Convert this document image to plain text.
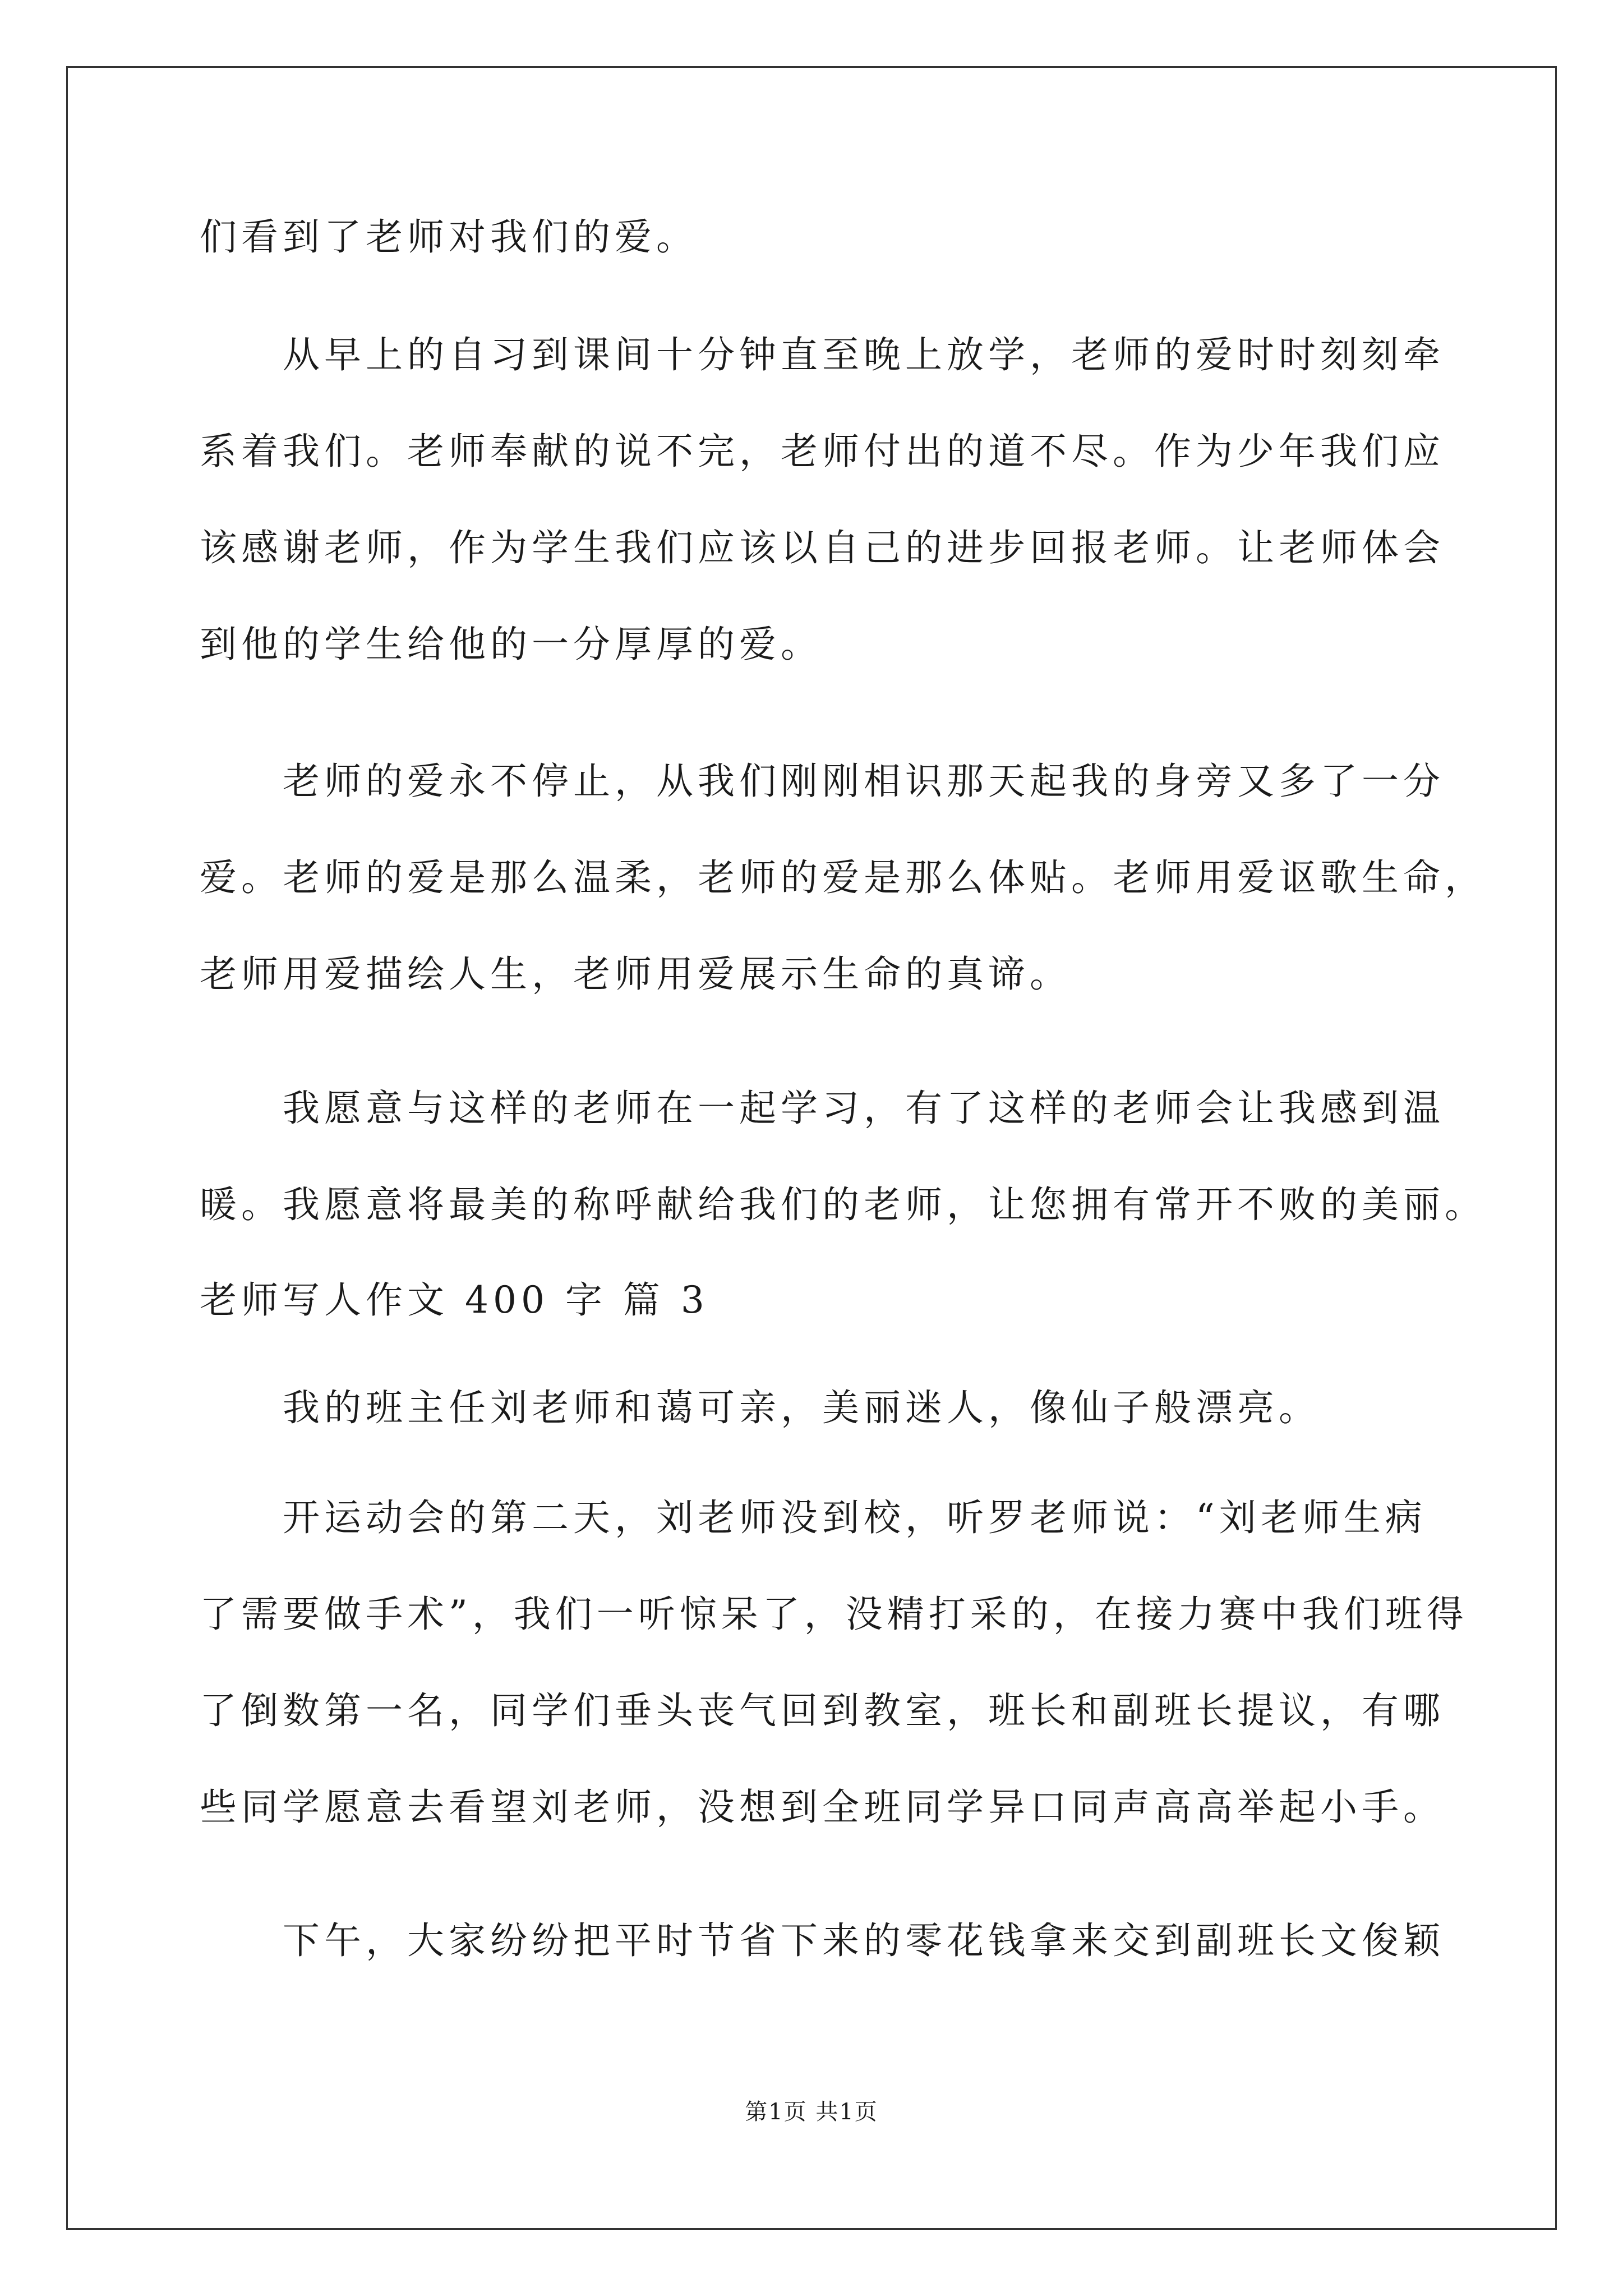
们看到了老师对我们的爱。
从早上的自习到课间十分钟直至晚上放学，老师的爱时时刻刻牵
系着我们。老师奉献的说不完，老师付出的道不尽。作为少年我们应
该感谢老师，作为学生我们应该以自己的进步回报老师。让老师体会
到他的学生给他的一分厚厚的爱。
老师的爱永不停止，从我们刚刚相识那天起我的身旁又多了一分
爱。老师的爱是那么温柔，老师的爱是那么体贴。老师用爱讴歌生命，
老师用爱描绘人生，老师用爱展示生命的真谛。
我愿意与这样的老师在一起学习，有了这样的老师会让我感到温
暖。我愿意将最美的称呼献给我们的老师，让您拥有常开不败的美丽。
老师写人作文 400 字 篇 3
我的班主任刘老师和蔼可亲，美丽迷人，像仙子般漂亮。
开运动会的第二天，刘老师没到校，听罗老师说：“刘老师生病
了需要做手术”，我们一听惊呆了，没精打采的，在接力赛中我们班得
了倒数第一名，同学们垂头丧气回到教室，班长和副班长提议，有哪
些同学愿意去看望刘老师，没想到全班同学异口同声高高举起小手。
下午，大家纷纷把平时节省下来的零花钱拿来交到副班长文俊颖
第1页 共1页
